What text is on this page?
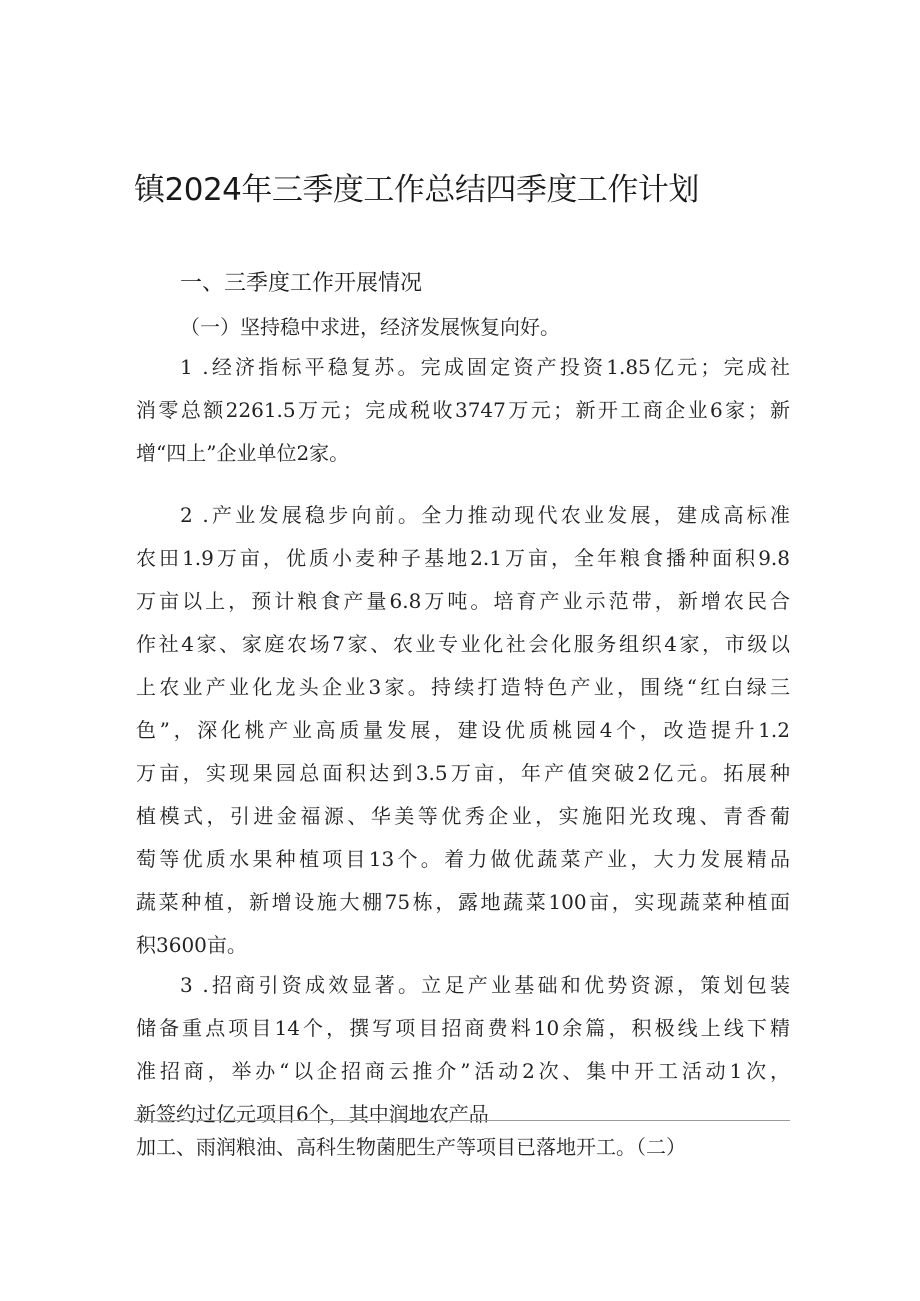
镇2024年三季度工作总结四季度工作计划
一、三季度工作开展情况
（一）坚持稳中求进，经济发展恢复向好。
1 .经济指标平稳复苏。完成固定资产投资1.85亿元；完成社
消零总额2261.5万元；完成税收3747万元；新开工商企业6家；新
增“四上”企业单位2家。
2 .产业发展稳步向前。全力推动现代农业发展，建成高标准
农田1.9万亩，优质小麦种子基地2.1万亩，全年粮食播种面积9.8
万亩以上，预计粮食产量6.8万吨。培育产业示范带，新增农民合
作社4家、家庭农场7家、农业专业化社会化服务组织4家，市级以
上农业产业化龙头企业3家。持续打造特色产业，围绕“红白绿三
色”，深化桃产业高质量发展，建设优质桃园4个，改造提升1.2
万亩，实现果园总面积达到3.5万亩，年产值突破2亿元。拓展种
植模式，引进金福源、华美等优秀企业，实施阳光玫瑰、青香葡
萄等优质水果种植项目13个。着力做优蔬菜产业，大力发展精品
蔬菜种植，新增设施大棚75栋，露地蔬菜100亩，实现蔬菜种植面
积3600亩。
3 .招商引资成效显著。立足产业基础和优势资源，策划包装
储备重点项目14个，撰写项目招商费料10余篇，积极线上线下精
准招商，举办“以企招商云推介”活动2次、集中开工活动1次，
新签约过亿元项目6个，其中润地农产品
加工、雨润粮油、高科生物菌肥生产等项目已落地开工。（二）
